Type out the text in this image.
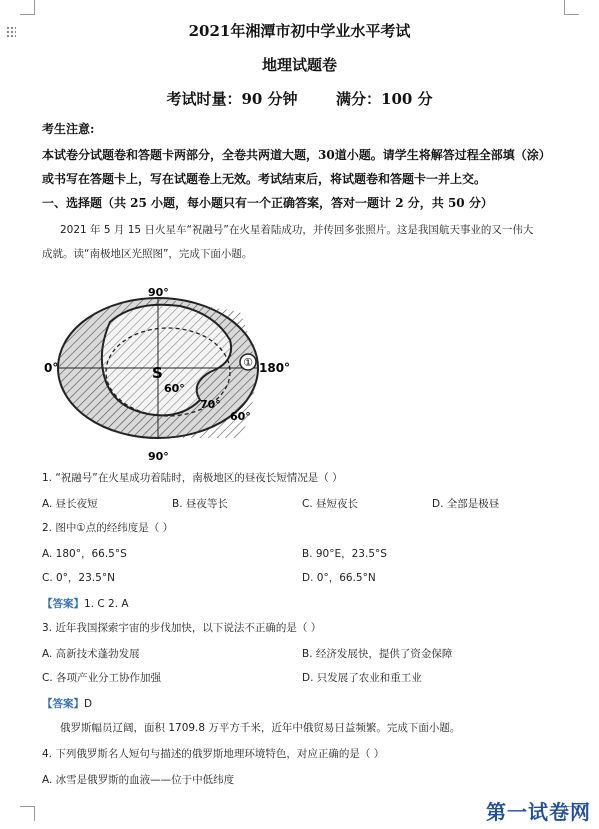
2021年湘潭市初中学业水平考试
地理试题卷
考试时量：90 分钟	满分：100 分
考生注意:
本试卷分试题卷和答题卡两部分，全卷共两道大题，30道小题。请学生将解答过程全部填（涂）
或书写在答题卡上，写在试题卷上无效。考试结束后，将试题卷和答题卡一并上交。
一、选择题（共 25 小题，每小题只有一个正确答案，答对一题计 2 分，共 50 分）
2021 年 5 月 15 日火星车“祝融号”在火星着陆成功，并传回多张照片。这是我国航天事业的又一伟大
成就。读“南极地区光照图”，完成下面小题。
①
0°	180°
S
60°
70°
60°
90°
90°
1. “祝融号”在火星成功着陆时，南极地区的昼夜长短情况是（ ）
A. 昼长夜短	B. 昼夜等长	C. 昼短夜长	D. 全部是极昼
2. 图中①点的经纬度是（ ）
A. 180°，66.5°S	B. 90°E，23.5°S
C. 0°，23.5°N	D. 0°，66.5°N
【答案】1. C 2. A
3. 近年我国探索宇宙的步伐加快，以下说法不正确的是（ ）
A. 高新技术蓬勃发展	B. 经济发展快，提供了资金保障
C. 各项产业分工协作加强	D. 只发展了农业和重工业
【答案】D
俄罗斯幅员辽阔，面积 1709.8 万平方千米，近年中俄贸易日益频繁。完成下面小题。
4. 下列俄罗斯名人短句与描述的俄罗斯地理环境特色，对应正确的是（ ）
A. 冰雪是俄罗斯的血液——位于中低纬度
第一试卷网
